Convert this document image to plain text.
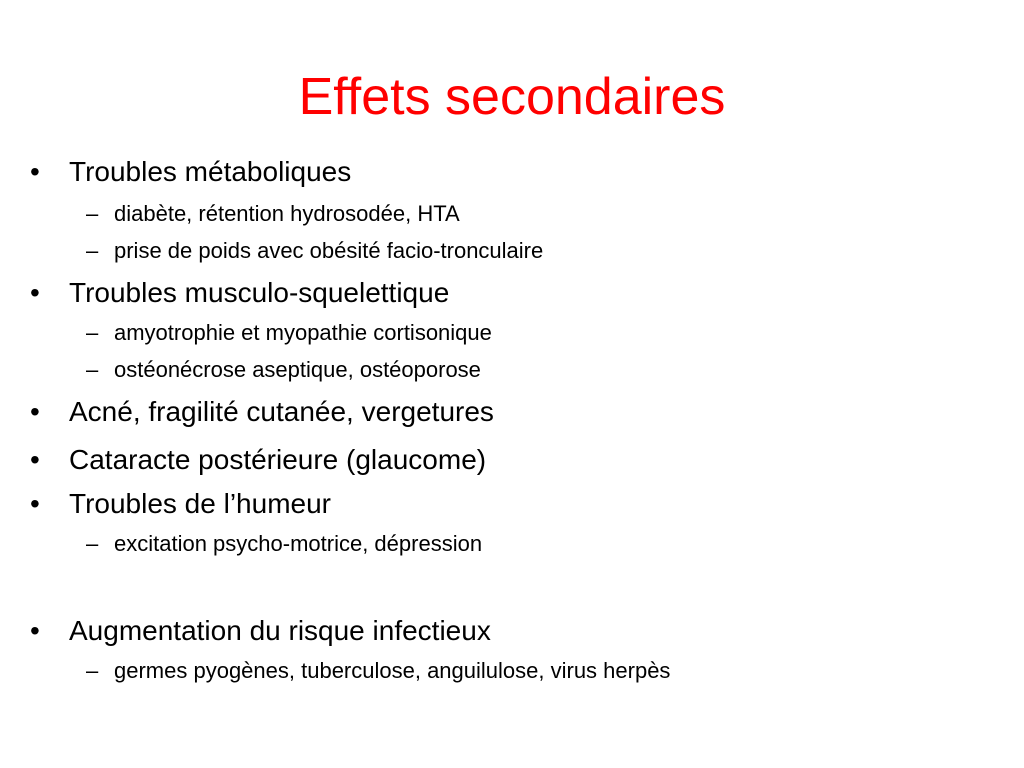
Effets secondaires
• Troubles métaboliques
– diabète, rétention hydrosodée, HTA
– prise de poids avec obésité facio-tronculaire
• Troubles musculo-squelettique
– amyotrophie et myopathie cortisonique
– ostéonécrose aseptique, ostéoporose
• Acné, fragilité cutanée, vergetures
• Cataracte postérieure (glaucome)
• Troubles de l’humeur
– excitation psycho-motrice, dépression
• Augmentation du risque infectieux
– germes pyogènes, tuberculose, anguilulose, virus herpès
